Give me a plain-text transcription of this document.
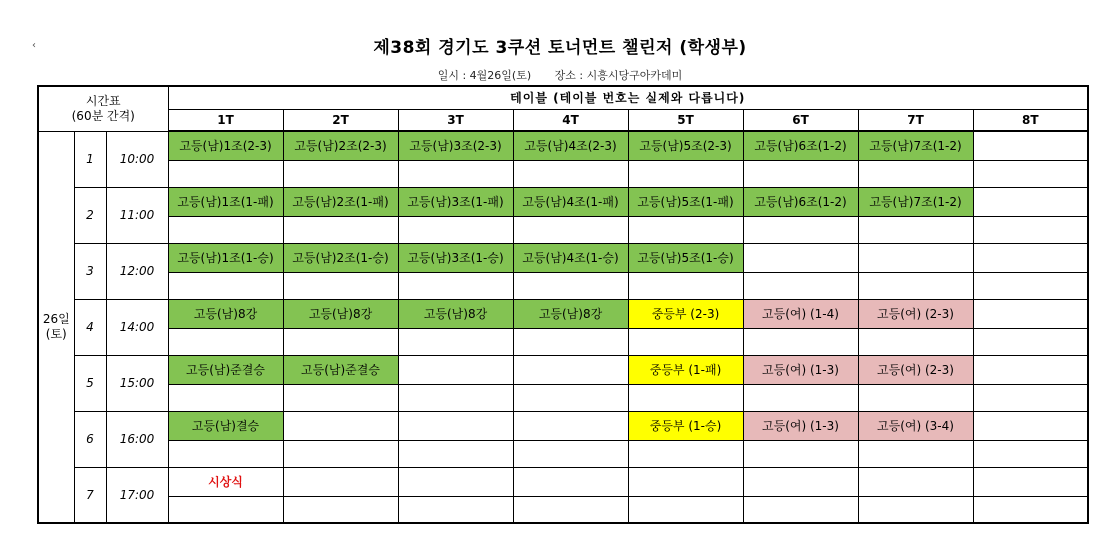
‹	제38회 경기도 3쿠션 토너먼트 챌린저 (학생부)
일시 : 4월26일(토) 장소 : 시흥시당구아카데미
시간표
(60분 간격)			테이블 (테이블 번호는 실제와 다릅니다)							
			1T	2T	3T	4T	5T	6T	7T	8T

26일
(토)	1	10:00	고등(남)1조(2-3)	고등(남)2조(2-3)	고등(남)3조(2-3)	고등(남)4조(2-3)	고등(남)5조(2-3)	고등(남)6조(1-2)	고등(남)7조(1-2)	

	2	11:00	고등(남)1조(1-패)	고등(남)2조(1-패)	고등(남)3조(1-패)	고등(남)4조(1-패)	고등(남)5조(1-패)	고등(남)6조(1-2)	고등(남)7조(1-2)	

	3	12:00	고등(남)1조(1-승)	고등(남)2조(1-승)	고등(남)3조(1-승)	고등(남)4조(1-승)	고등(남)5조(1-승)			

	4	14:00	고등(남)8강	고등(남)8강	고등(남)8강	고등(남)8강	중등부 (2-3)	고등(여) (1-4)	고등(여) (2-3)	

	5	15:00	고등(남)준결승	고등(남)준결승			중등부 (1-패)	고등(여) (1-3)	고등(여) (2-3)	

	6	16:00	고등(남)결승				중등부 (1-승)	고등(여) (1-3)	고등(여) (3-4)	

	7	17:00	시상식							
